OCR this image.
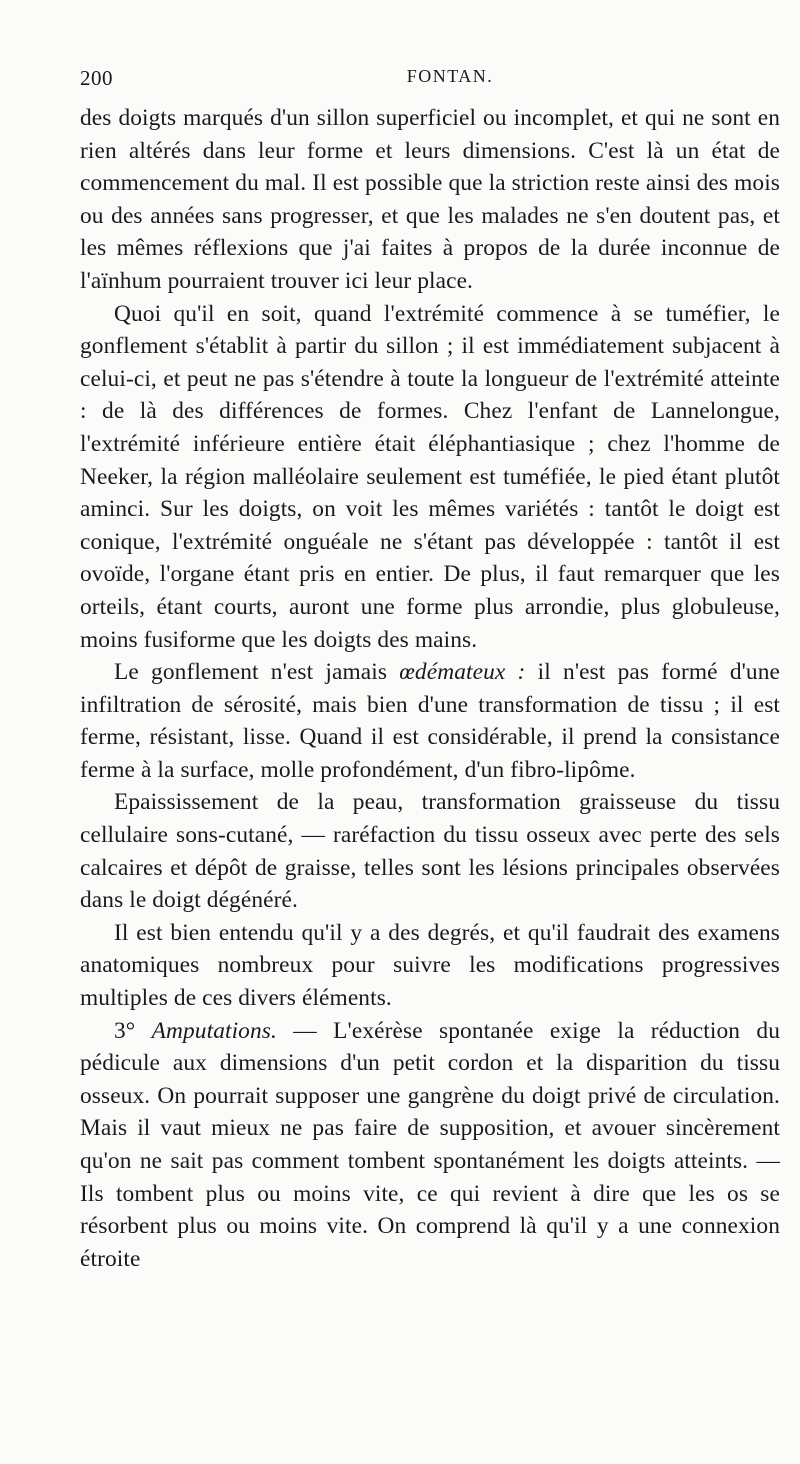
200	FONTAN.

des doigts marqués d'un sillon superficiel ou incomplet, et qui ne sont en rien altérés dans leur forme et leurs dimensions. C'est là un état de commencement du mal. Il est possible que la striction reste ainsi des mois ou des années sans progresser, et que les malades ne s'en doutent pas, et les mêmes réflexions que j'ai faites à propos de la durée inconnue de l'aïnhum pourraient trouver ici leur place.

Quoi qu'il en soit, quand l'extrémité commence à se tuméfier, le gonflement s'établit à partir du sillon ; il est immédiatement subjacent à celui-ci, et peut ne pas s'étendre à toute la longueur de l'extrémité atteinte : de là des différences de formes. Chez l'enfant de Lannelongue, l'extrémité inférieure entière était éléphantiasique ; chez l'homme de Neeker, la région malléolaire seulement est tuméfiée, le pied étant plutôt aminci. Sur les doigts, on voit les mêmes variétés : tantôt le doigt est conique, l'extrémité onguéale ne s'étant pas développée : tantôt il est ovoïde, l'organe étant pris en entier. De plus, il faut remarquer que les orteils, étant courts, auront une forme plus arrondie, plus globuleuse, moins fusiforme que les doigts des mains.

Le gonflement n'est jamais œdémateux : il n'est pas formé d'une infiltration de sérosité, mais bien d'une transformation de tissu ; il est ferme, résistant, lisse. Quand il est considérable, il prend la consistance ferme à la surface, molle profondément, d'un fibro-lipôme.

Epaississement de la peau, transformation graisseuse du tissu cellulaire sons-cutané, — raréfaction du tissu osseux avec perte des sels calcaires et dépôt de graisse, telles sont les lésions principales observées dans le doigt dégénéré.

Il est bien entendu qu'il y a des degrés, et qu'il faudrait des examens anatomiques nombreux pour suivre les modifications progressives multiples de ces divers éléments.

3° Amputations. — L'exérèse spontanée exige la réduction du pédicule aux dimensions d'un petit cordon et la disparition du tissu osseux. On pourrait supposer une gangrène du doigt privé de circulation. Mais il vaut mieux ne pas faire de supposition, et avouer sincèrement qu'on ne sait pas comment tombent spontanément les doigts atteints. — Ils tombent plus ou moins vite, ce qui revient à dire que les os se résorbent plus ou moins vite. On comprend là qu'il y a une connexion étroite
